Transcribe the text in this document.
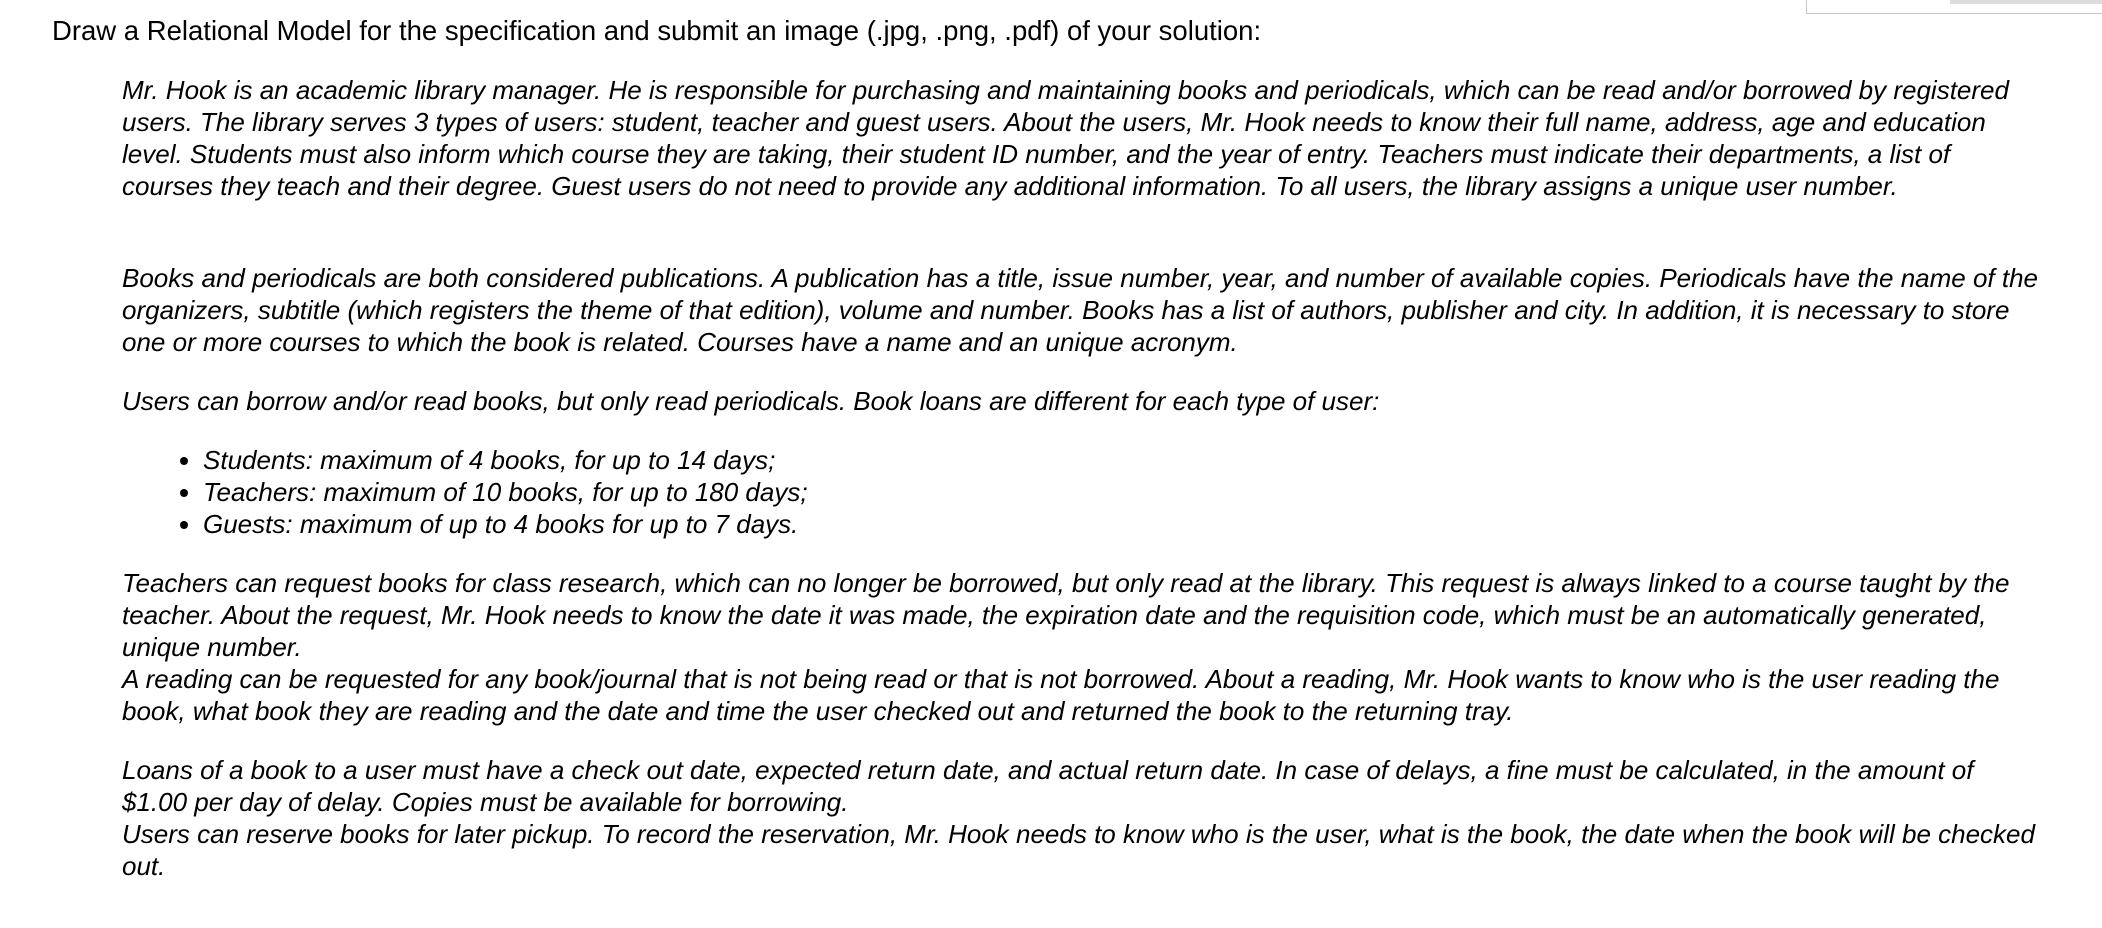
Draw a Relational Model for the specification and submit an image (.jpg, .png, .pdf) of your solution:

Mr. Hook is an academic library manager. He is responsible for purchasing and maintaining books and periodicals, which can be read and/or borrowed by registered users. The library serves 3 types of users: student, teacher and guest users. About the users, Mr. Hook needs to know their full name, address, age and education level. Students must also inform which course they are taking, their student ID number, and the year of entry. Teachers must indicate their departments, a list of courses they teach and their degree. Guest users do not need to provide any additional information. To all users, the library assigns a unique user number.

Books and periodicals are both considered publications. A publication has a title, issue number, year, and number of available copies. Periodicals have the name of the organizers, subtitle (which registers the theme of that edition), volume and number. Books has a list of authors, publisher and city. In addition, it is necessary to store one or more courses to which the book is related. Courses have a name and an unique acronym.

Users can borrow and/or read books, but only read periodicals. Book loans are different for each type of user:

• Students: maximum of 4 books, for up to 14 days;
• Teachers: maximum of 10 books, for up to 180 days;
• Guests: maximum of up to 4 books for up to 7 days.

Teachers can request books for class research, which can no longer be borrowed, but only read at the library. This request is always linked to a course taught by the teacher. About the request, Mr. Hook needs to know the date it was made, the expiration date and the requisition code, which must be an automatically generated, unique number.

A reading can be requested for any book/journal that is not being read or that is not borrowed. About a reading, Mr. Hook wants to know who is the user reading the book, what book they are reading and the date and time the user checked out and returned the book to the returning tray.

Loans of a book to a user must have a check out date, expected return date, and actual return date. In case of delays, a fine must be calculated, in the amount of $1.00 per day of delay. Copies must be available for borrowing.

Users can reserve books for later pickup. To record the reservation, Mr. Hook needs to know who is the user, what is the book, the date when the book will be checked out.
